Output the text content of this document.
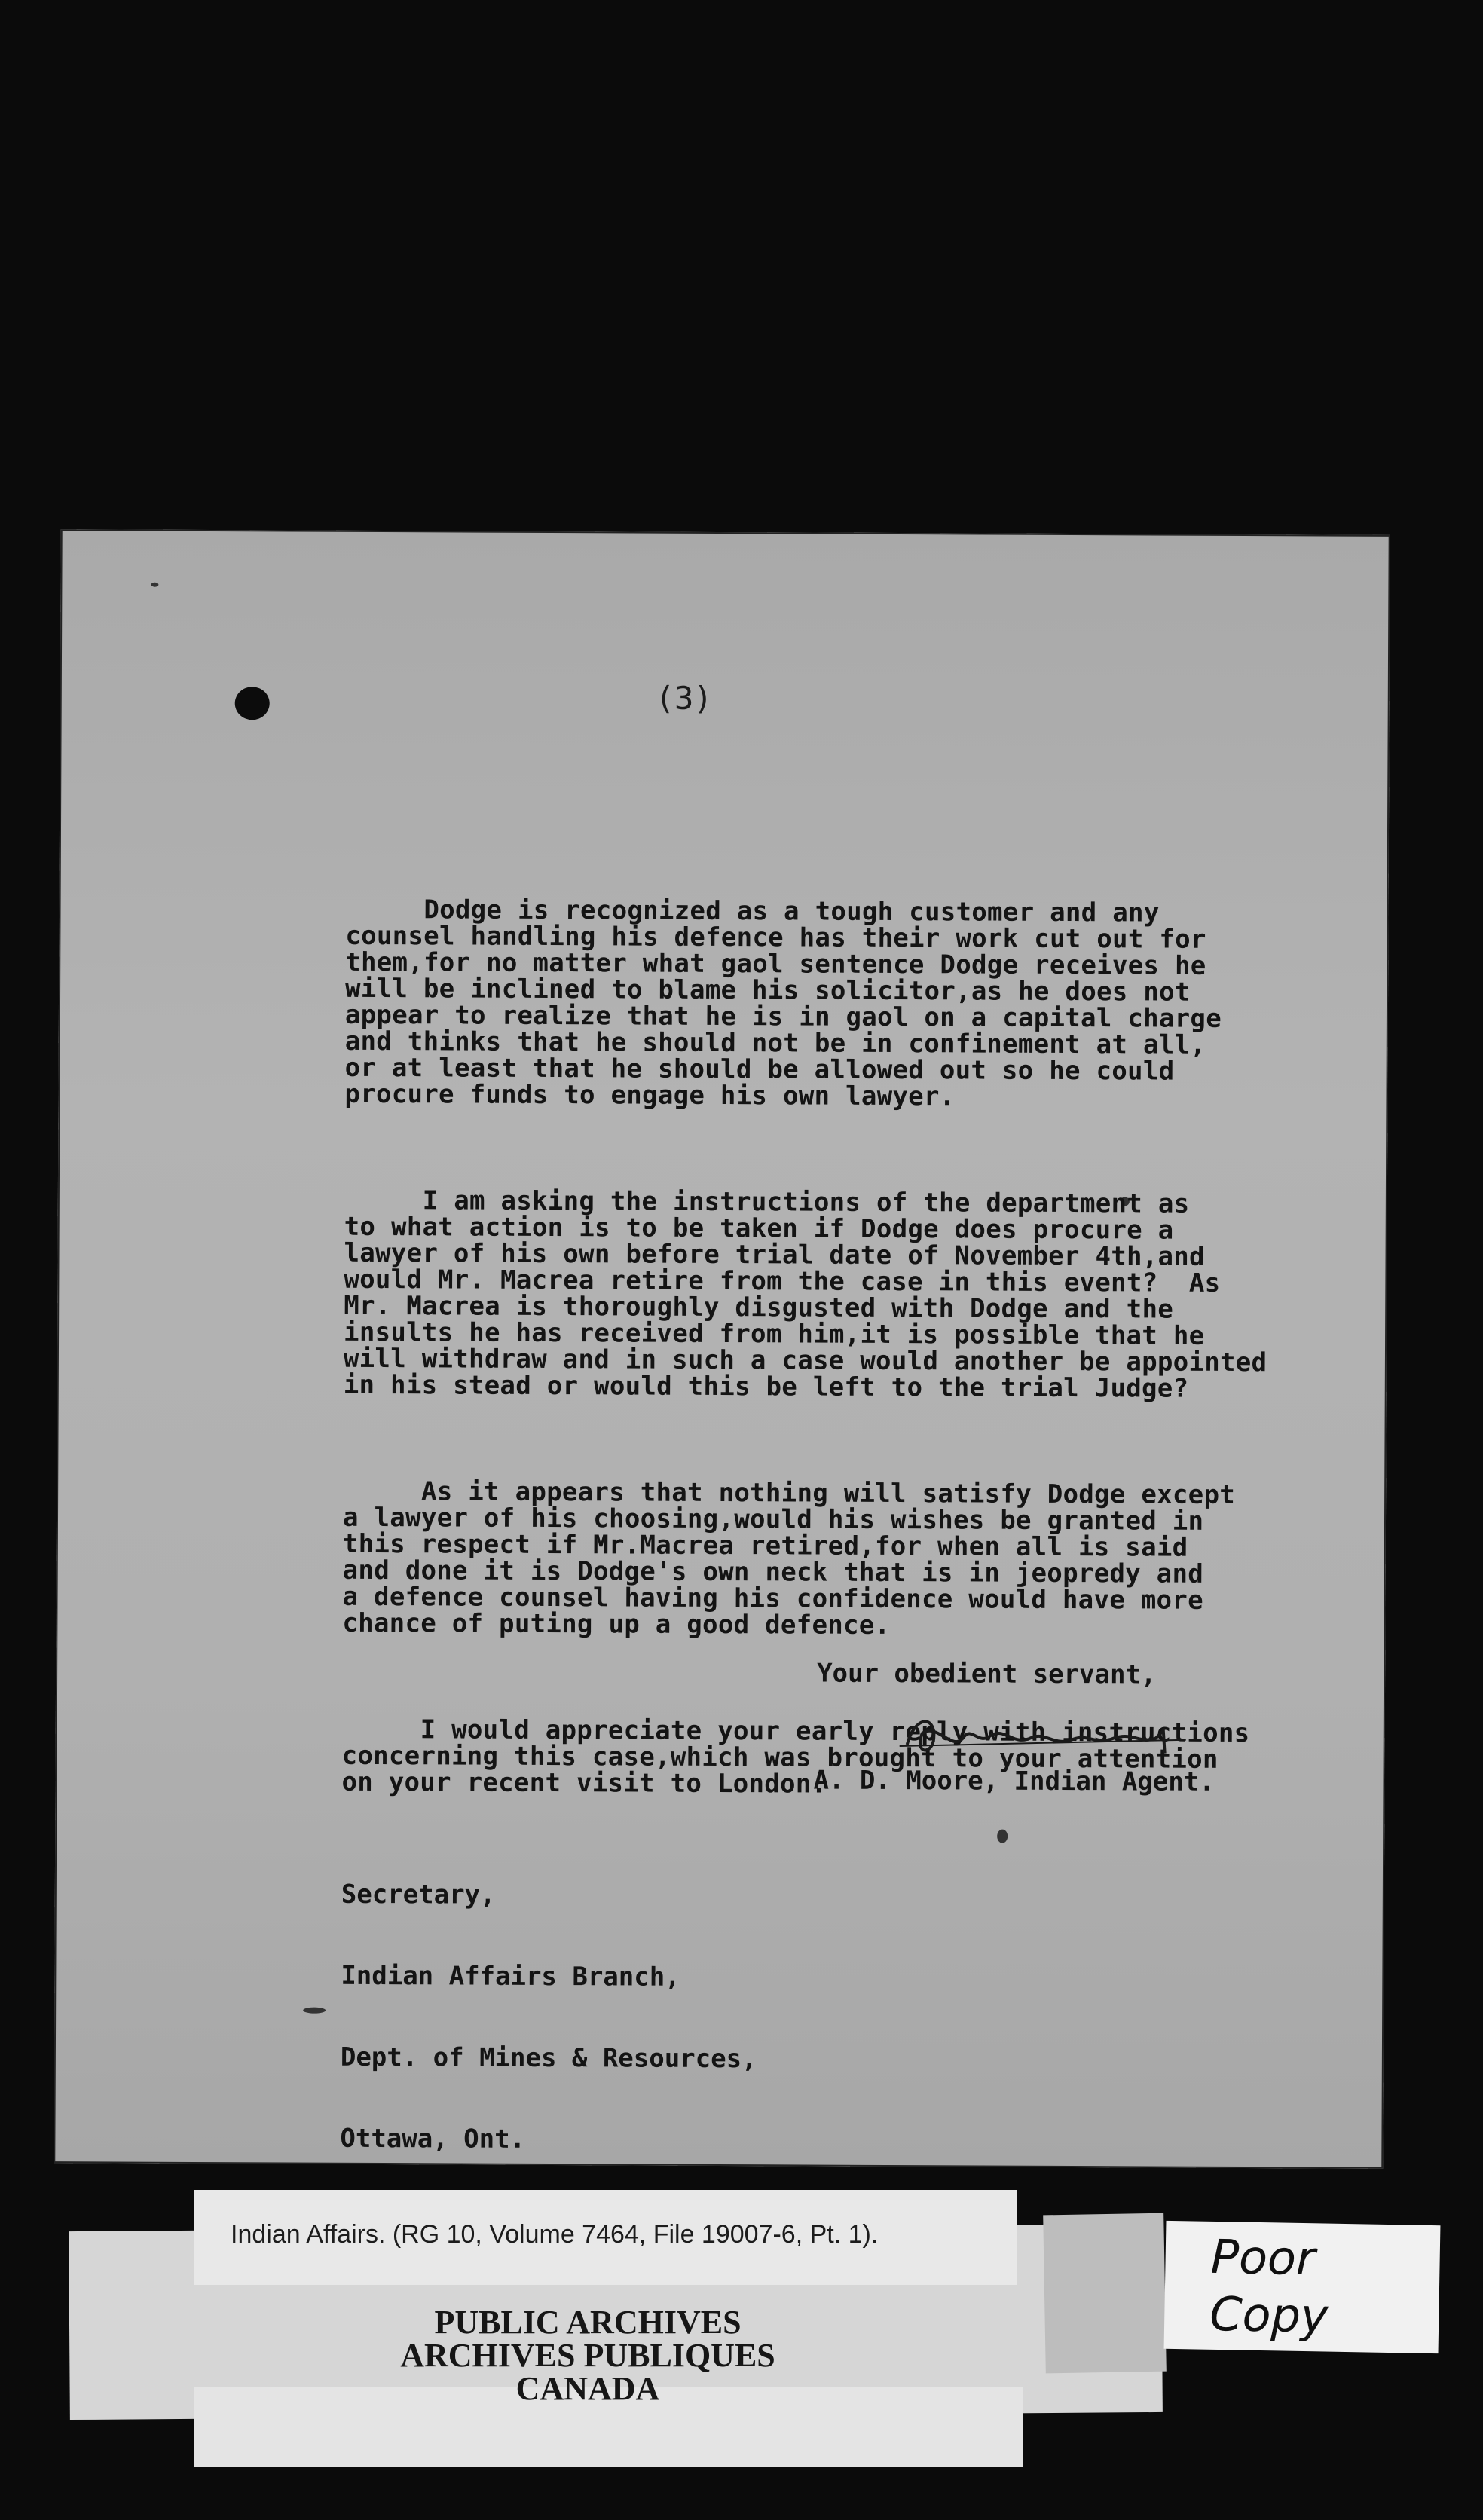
(3)

Dodge is recognized as a tough customer and any
counsel handling his defence has their work cut out for
them,for no matter what gaol sentence Dodge receives he
will be inclined to blame his solicitor,as he does not
appear to realize that he is in gaol on a capital charge
and thinks that he should not be in confinement at all,
or at least that he should be allowed out so he could
procure funds to engage his own lawyer.

I am asking the instructions of the department as
to what action is to be taken if Dodge does procure a
lawyer of his own before trial date of November 4th,and
would Mr. Macrea retire from the case in this event?  As
Mr. Macrea is thoroughly disgusted with Dodge and the
insults he has received from him,it is possible that he
will withdraw and in such a case would another be appointed
in his stead or would this be left to the trial Judge?

As it appears that nothing will satisfy Dodge except
a lawyer of his choosing,would his wishes be granted in
this respect if Mr.Macrea retired,for when all is said
and done it is Dodge's own neck that is in jeopredy and
a defence counsel having his confidence would have more
chance of puting up a good defence.

I would appreciate your early reply with instructions
concerning this case,which was brought to your attention
on your recent visit to London.

Your obedient servant,
A. D. Moore, Indian Agent.

Secretary,

Indian Affairs Branch,

Dept. of Mines & Resources,

Ottawa, Ont.

Indian Affairs. (RG 10, Volume 7464, File 19007-6, Pt. 1).
PUBLIC ARCHIVES
ARCHIVES PUBLIQUES
CANADA
Poor
Copy
